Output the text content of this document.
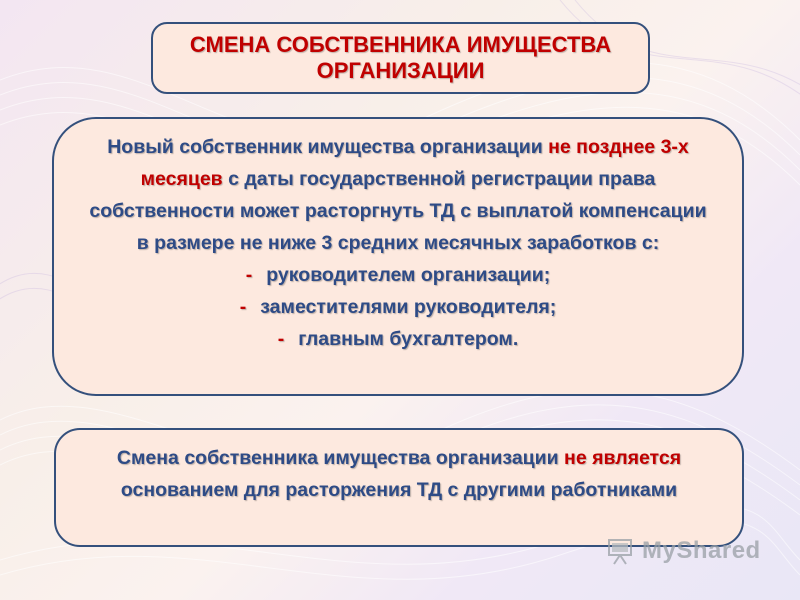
СМЕНА СОБСТВЕННИКА ИМУЩЕСТВА
ОРГАНИЗАЦИИ
Новый собственник имущества организации не позднее 3-х месяцев с даты государственной регистрации права собственности может расторгнуть ТД с выплатой компенсации в размере не ниже 3 средних месячных заработков с:
- руководителем организации;
- заместителями руководителя;
- главным бухгалтером.
Смена собственника имущества организации не является основанием для расторжения ТД с другими работниками
MyShared
